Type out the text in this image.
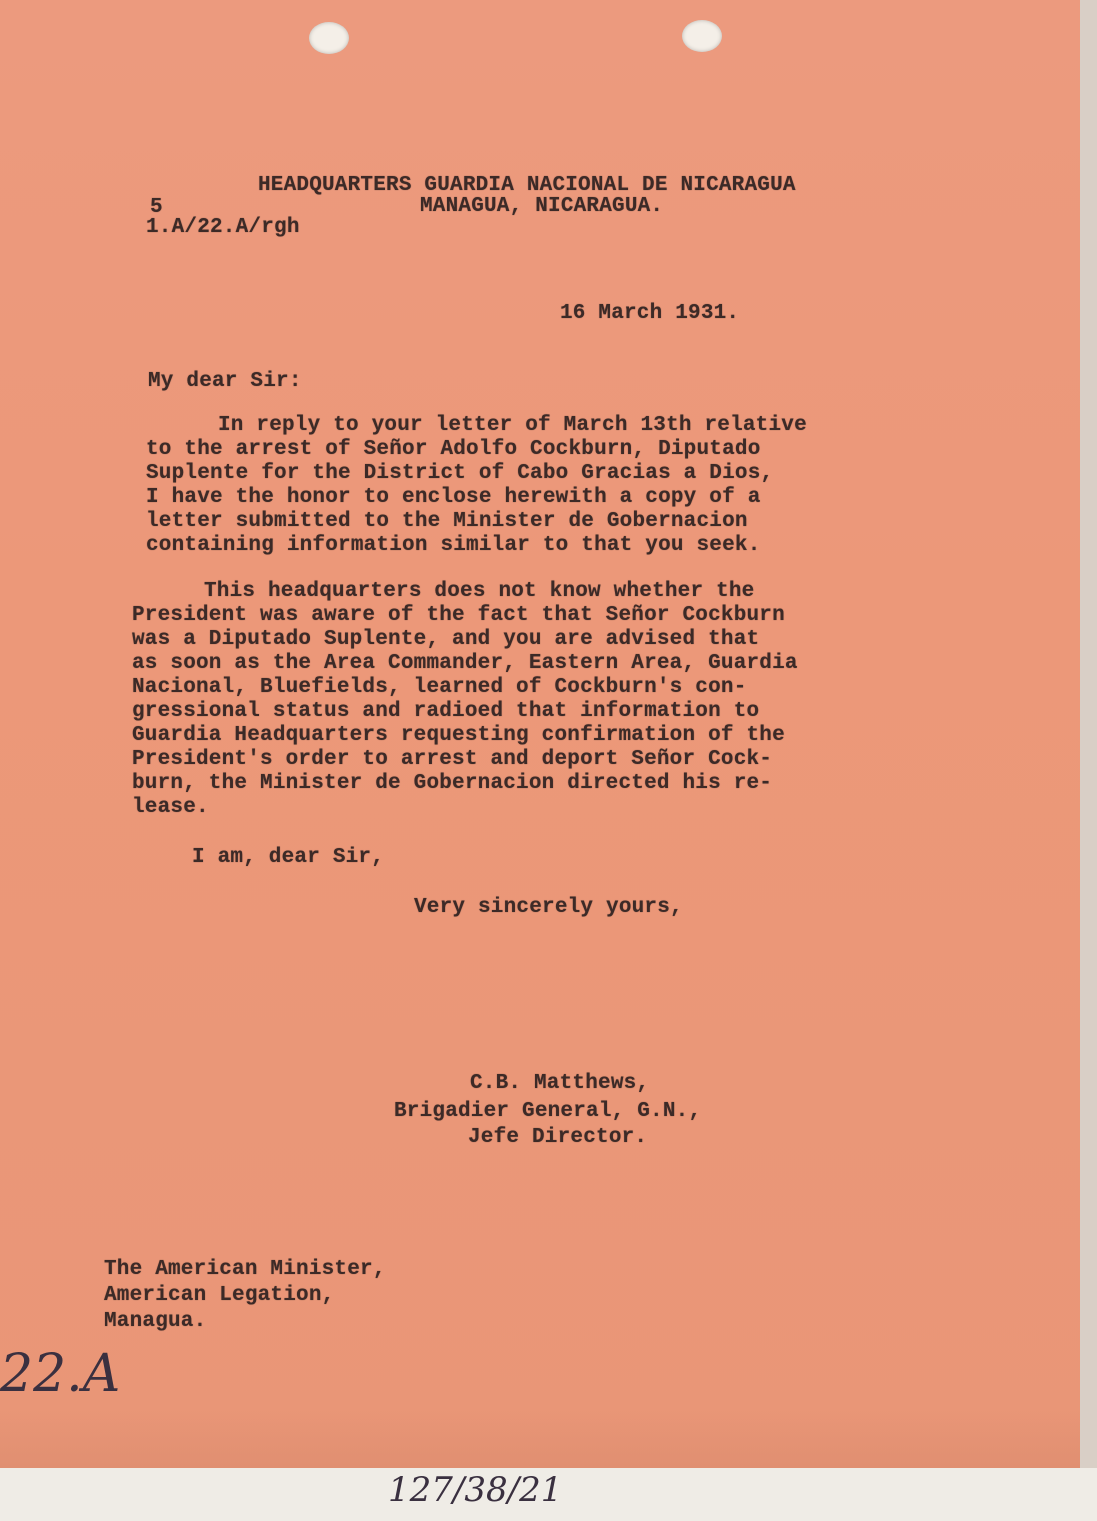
HEADQUARTERS GUARDIA NACIONAL DE NICARAGUA
MANAGUA, NICARAGUA.
5
1.A/22.A/rgh
16 March 1931.
My dear Sir:
In reply to your letter of March 13th relative
to the arrest of Señor Adolfo Cockburn, Diputado
Suplente for the District of Cabo Gracias a Dios,
I have the honor to enclose herewith a copy of a
letter submitted to the Minister de Gobernacion
containing information similar to that you seek.
This headquarters does not know whether the
President was aware of the fact that Señor Cockburn
was a Diputado Suplente, and you are advised that
as soon as the Area Commander, Eastern Area, Guardia
Nacional, Bluefields, learned of Cockburn's con-
gressional status and radioed that information to
Guardia Headquarters requesting confirmation of the
President's order to arrest and deport Señor Cock-
burn, the Minister de Gobernacion directed his re-
lease.
I am, dear Sir,
Very sincerely yours,
C.B. Matthews,
Brigadier General, G.N.,
Jefe Director.
The American Minister,
American Legation,
Managua.
22.A
127/38/21
